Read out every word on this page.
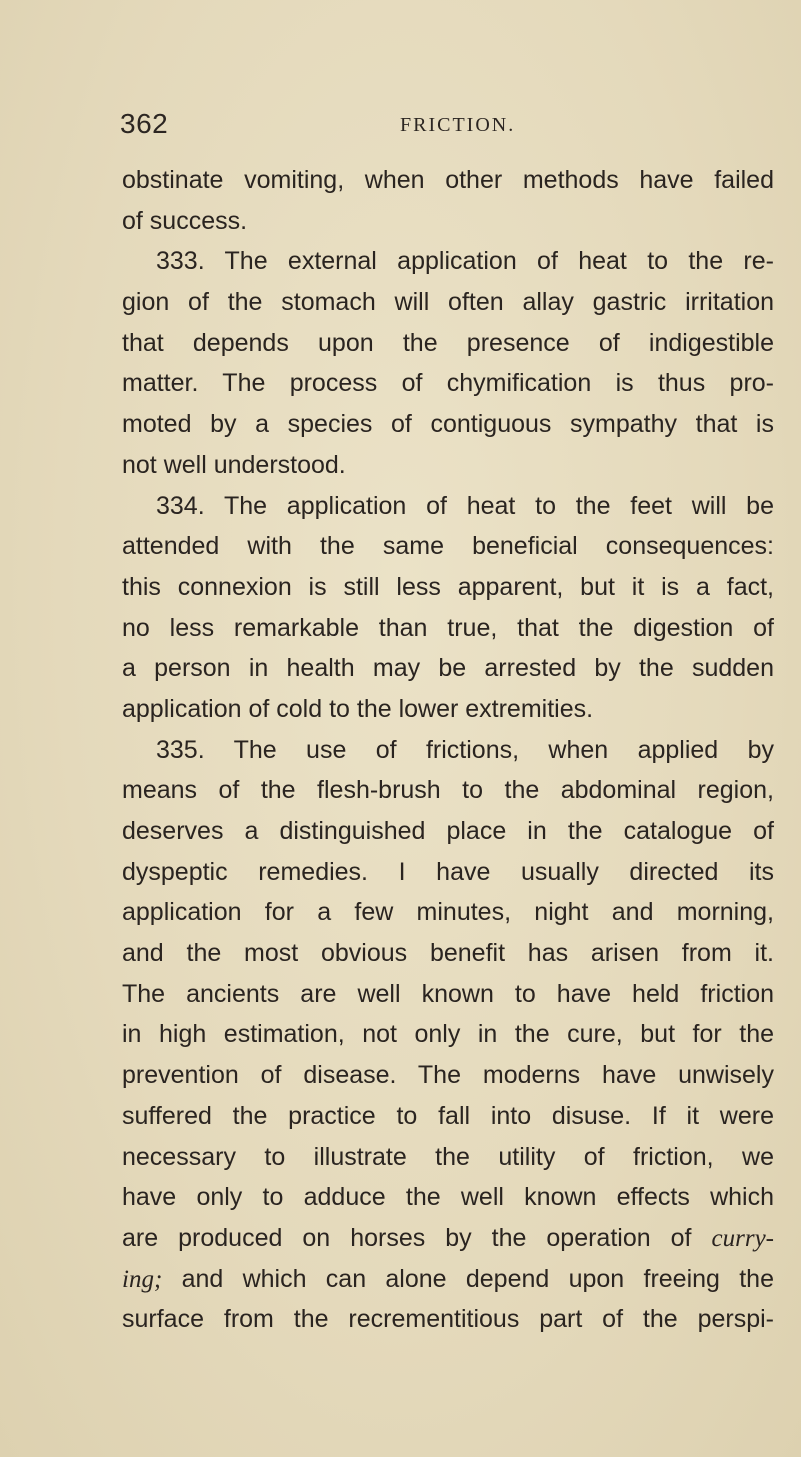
362	FRICTION.
obstinate vomiting, when other methods have failed
of success.
333. The external application of heat to the re-
gion of the stomach will often allay gastric irritation
that depends upon the presence of indigestible
matter. The process of chymification is thus pro-
moted by a species of contiguous sympathy that is
not well understood.
334. The application of heat to the feet will be
attended with the same beneficial consequences:
this connexion is still less apparent, but it is a fact,
no less remarkable than true, that the digestion of
a person in health may be arrested by the sudden
application of cold to the lower extremities.
335. The use of frictions, when applied by
means of the flesh-brush to the abdominal region,
deserves a distinguished place in the catalogue of
dyspeptic remedies. I have usually directed its
application for a few minutes, night and morning,
and the most obvious benefit has arisen from it.
The ancients are well known to have held friction
in high estimation, not only in the cure, but for the
prevention of disease. The moderns have unwisely
suffered the practice to fall into disuse. If it were
necessary to illustrate the utility of friction, we
have only to adduce the well known effects which
are produced on horses by the operation of curry-
ing; and which can alone depend upon freeing the
surface from the recrementitious part of the perspi-
